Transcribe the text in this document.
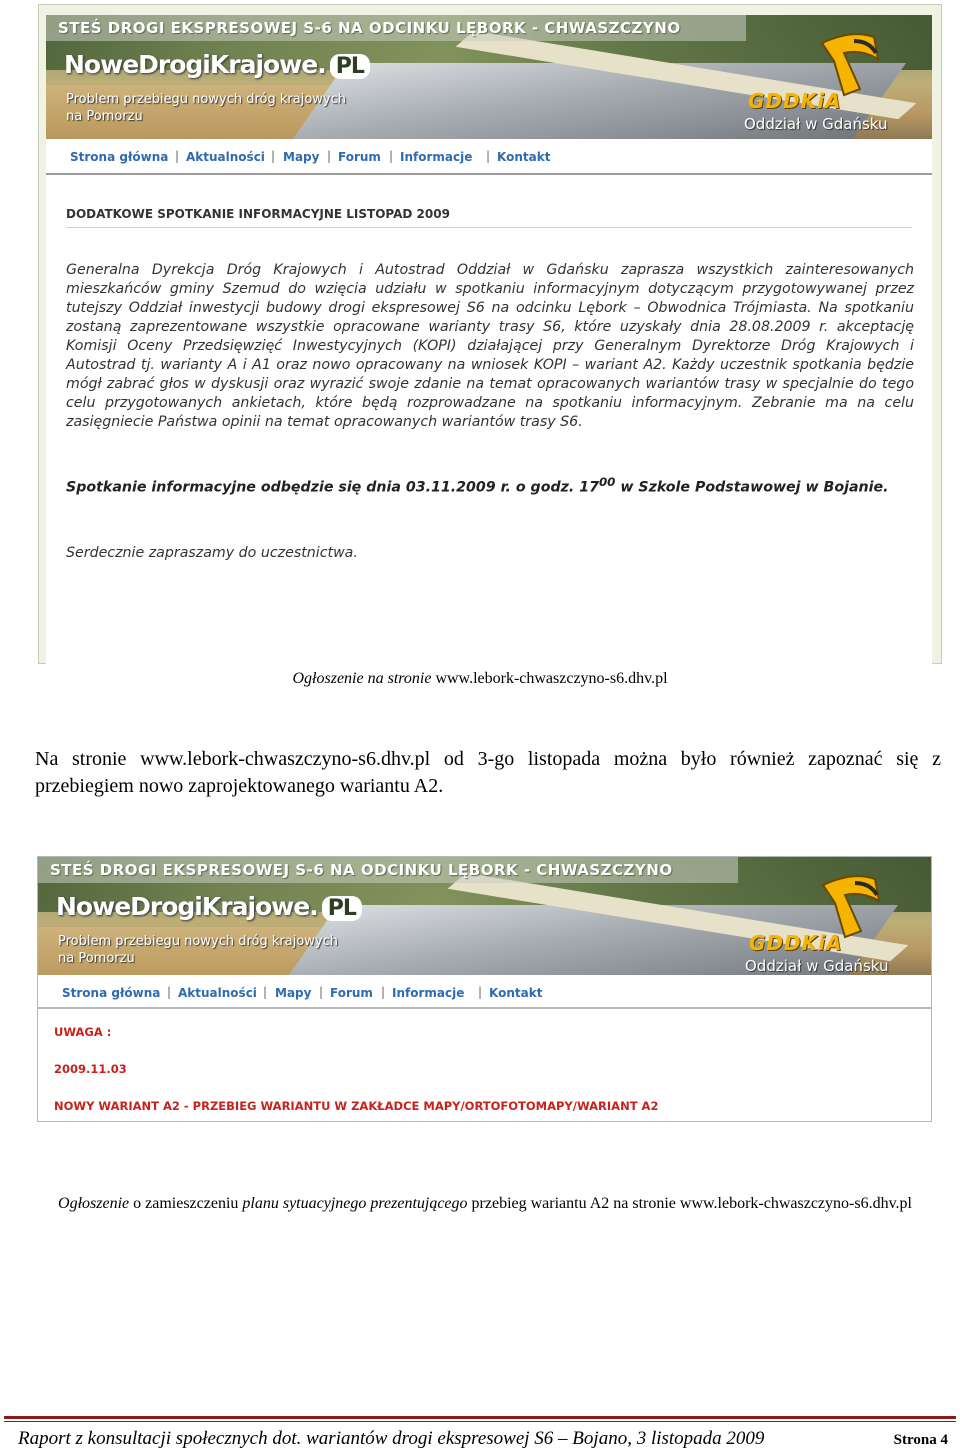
STEŚ DROGI EKSPRESOWEJ S-6 NA ODCINKU LĘBORK - CHWASZCZYNO
NoweDrogiKrajowe. PL
Problem przebiegu nowych dróg krajowych na Pomorzu
GDDKiA
Oddział w Gdańsku
Strona główna | Aktualności | Mapy | Forum | Informacje | Kontakt
DODATKOWE SPOTKANIE INFORMACYJNE LISTOPAD 2009
Generalna Dyrekcja Dróg Krajowych i Autostrad Oddział w Gdańsku zaprasza wszystkich zainteresowanych mieszkańców gminy Szemud do wzięcia udziału w spotkaniu informacyjnym dotyczącym przygotowywanej przez tutejszy Oddział inwestycji budowy drogi ekspresowej S6 na odcinku Lębork – Obwodnica Trójmiasta. Na spotkaniu zostaną zaprezentowane wszystkie opracowane warianty trasy S6, które uzyskały dnia 28.08.2009 r. akceptację Komisji Oceny Przedsięwzięć Inwestycyjnych (KOPI) działającej przy Generalnym Dyrektorze Dróg Krajowych i Autostrad tj. warianty A i A1 oraz nowo opracowany na wniosek KOPI – wariant A2. Każdy uczestnik spotkania będzie mógł zabrać głos w dyskusji oraz wyrazić swoje zdanie na temat opracowanych wariantów trasy w specjalnie do tego celu przygotowanych ankietach, które będą rozprowadzane na spotkaniu informacyjnym. Zebranie ma na celu zasięgniecie Państwa opinii na temat opracowanych wariantów trasy S6.
Spotkanie informacyjne odbędzie się dnia 03.11.2009 r. o godz. $17^{00}$ w Szkole Podstawowej w Bojanie.
Serdecznie zapraszamy do uczestnictwa.
Ogłoszenie na stronie www.lebork-chwaszczyno-s6.dhv.pl
Na stronie www.lebork-chwaszczyno-s6.dhv.pl od 3-go listopada można było również zapoznać się z przebiegiem nowo zaprojektowanego wariantu A2.
STEŚ DROGI EKSPRESOWEJ S-6 NA ODCINKU LĘBORK - CHWASZCZYNO
NoweDrogiKrajowe. PL
Problem przebiegu nowych dróg krajowych na Pomorzu
GDDKiA
Oddział w Gdańsku
Strona główna | Aktualności | Mapy | Forum | Informacje | Kontakt
UWAGA :
2009.11.03
NOWY WARIANT A2 - PRZEBIEG WARIANTU W ZAKŁADCE MAPY/ORTOFOTOMAPY/WARIANT A2
Ogłoszenie o zamieszczeniu planu sytuacyjnego prezentującego przebieg wariantu A2 na stronie www.lebork-chwaszczyno-s6.dhv.pl
Raport z konsultacji społecznych dot. wariantów drogi ekspresowej S6 – Bojano, 3 listopada 2009	Strona 4
